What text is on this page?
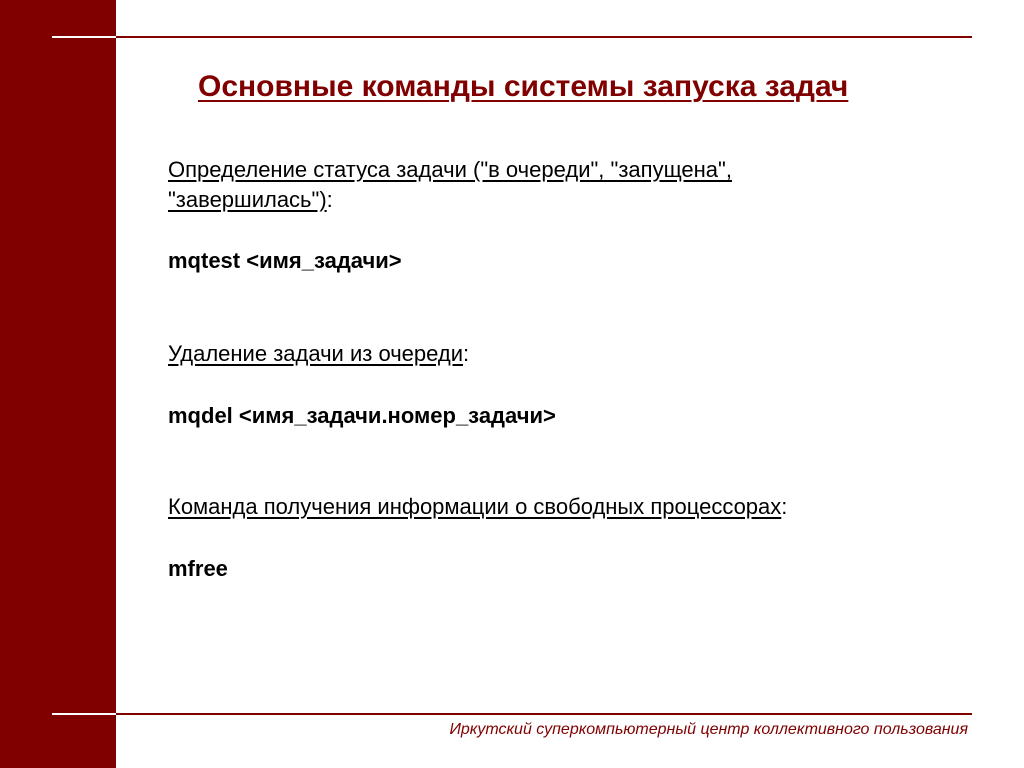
Основные команды системы запуска задач
Определение статуса задачи ("в очереди", "запущена",
"завершилась"):
mqtest <имя_задачи>
Удаление задачи из очереди:
mqdel <имя_задачи.номер_задачи>
Команда получения информации о свободных процессорах:
mfree
Иркутский суперкомпьютерный центр коллективного пользования
